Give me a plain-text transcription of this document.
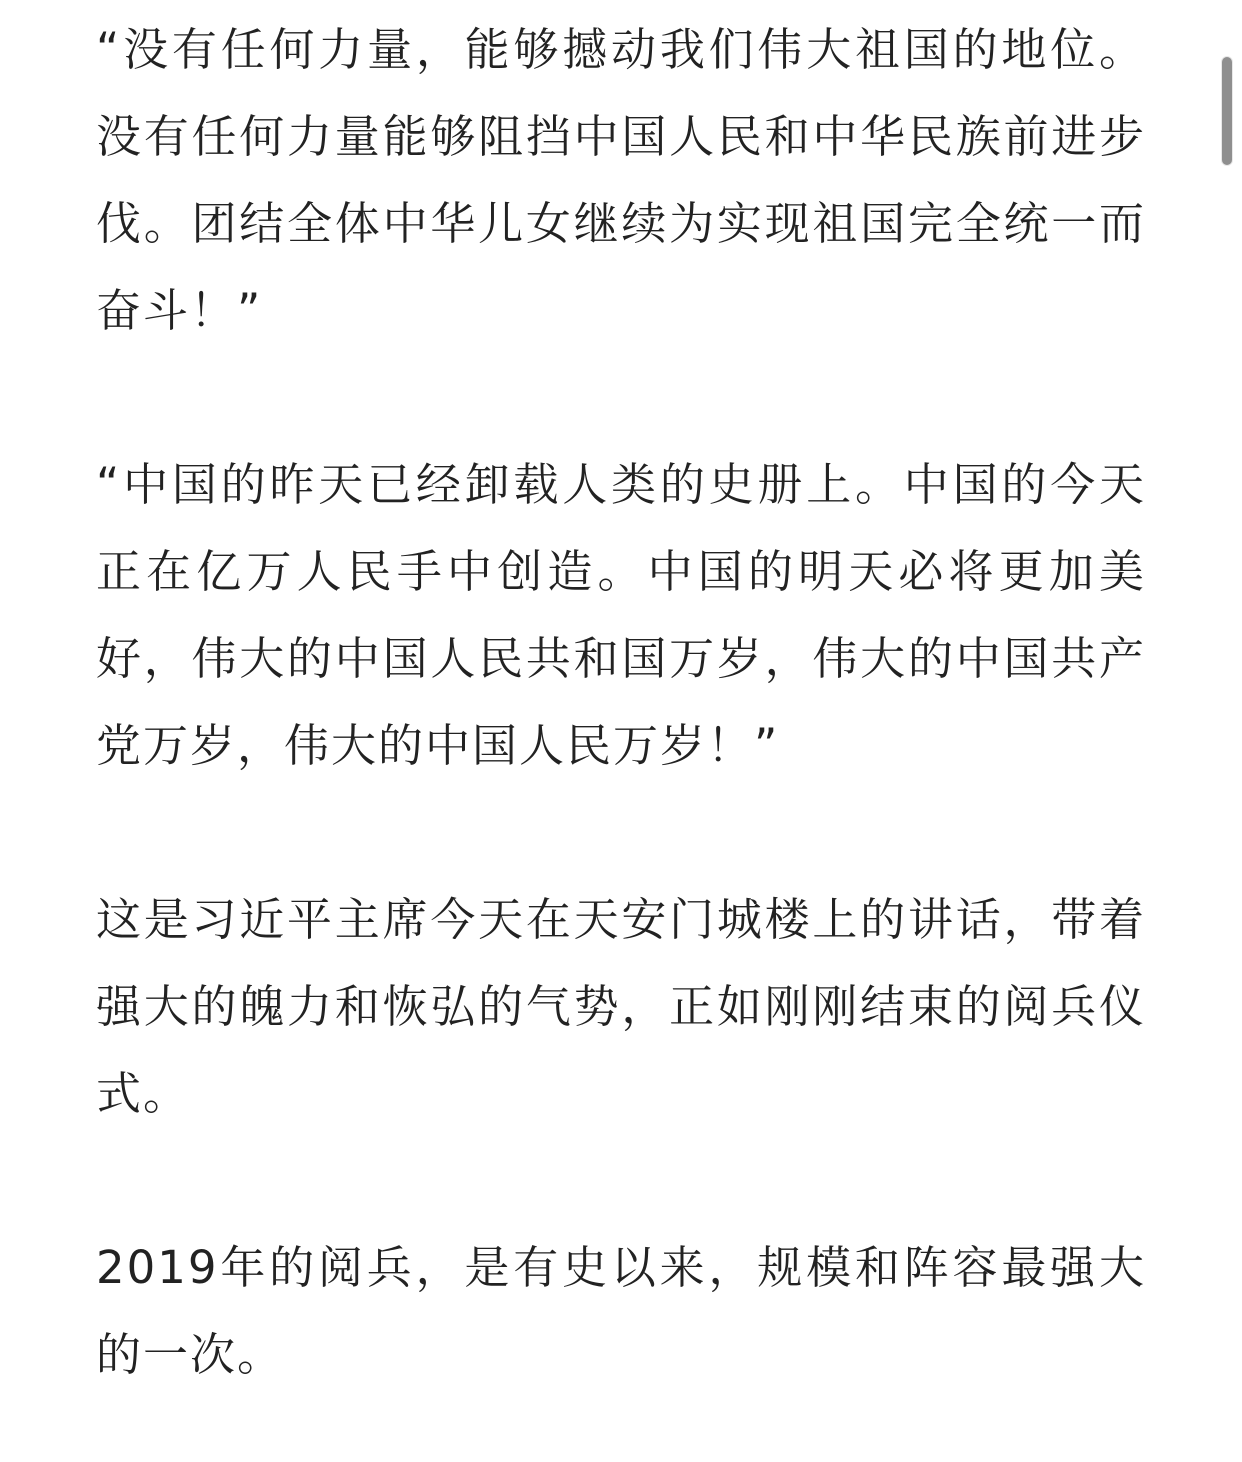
“没有任何力量，能够撼动我们伟大祖国的地位。没有任何力量能够阻挡中国人民和中华民族前进步伐。团结全体中华儿女继续为实现祖国完全统一而奋斗！”

“中国的昨天已经卸载人类的史册上。中国的今天正在亿万人民手中创造。中国的明天必将更加美好，伟大的中国人民共和国万岁，伟大的中国共产党万岁，伟大的中国人民万岁！”

这是习近平主席今天在天安门城楼上的讲话，带着强大的魄力和恢弘的气势，正如刚刚结束的阅兵仪式。

2019年的阅兵，是有史以来，规模和阵容最强大的一次。
